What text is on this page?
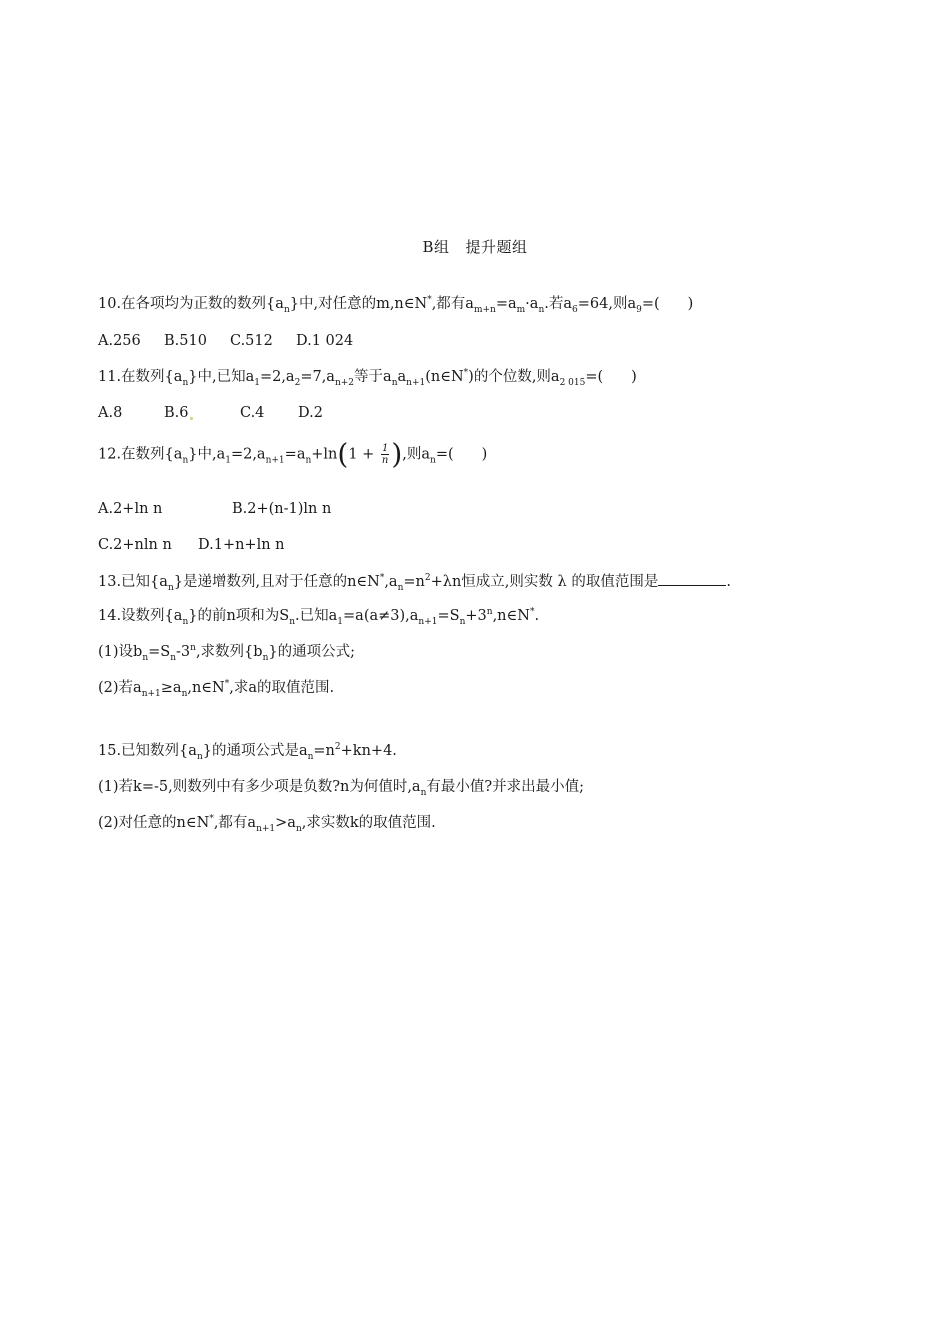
B组 提升题组
10.在各项均为正数的数列$\{a_n\}$中,对任意的m,n∈N*,都有$a_{m+n}=a_m\cdot a_n$.若$a_6=64$,则$a_9=$( )
A.256 B.510 C.512 D.1 024
11.在数列$\{a_n\}$中,已知$a_1=2,a_2=7,a_{n+2}$等于$a_na_{n+1}(n\in N^*)$的个位数,则$a_{2 015}=$( )
A.8	B.6	C.4 D.2
12.在数列$\{a_n\}$中$,a_1=2,a_{n+1}=a_n+\ln(1 + \frac{1}{n}$ ),则$a_n=$( )
A.2+ln n	B.2+(n-1)ln n
C.2+nln n D.1+n+ln n
13.已知$\{a_n\}$是递增数列,且对于任意的$n\in N^*,a_n=n^2+\lambda n$恒成立,则实数 λ 的取值范围是	.
14.设数列$\{a_n\}$的前n项和为$S_n$.已知$a_1=a(a\ne 3),a_{n+1}=S_n+3^n,n\in N^*$.
(1)设$b_n=S_n-3^n$,求数列$\{b_n\}$的通项公式;
(2)若$a_{n+1}\ge a_n,n\in N^*$,求a的取值范围.
15.已知数列$\{a_n\}$的通项公式是$a_n=n^2+kn+4$.
(1)若k=-5,则数列中有多少项是负数?n为何值时$,a_n$有最小值?并求出最小值;
(2)对任意的n∈N*,都有$a_{n+1}>a_n$,求实数k的取值范围.
